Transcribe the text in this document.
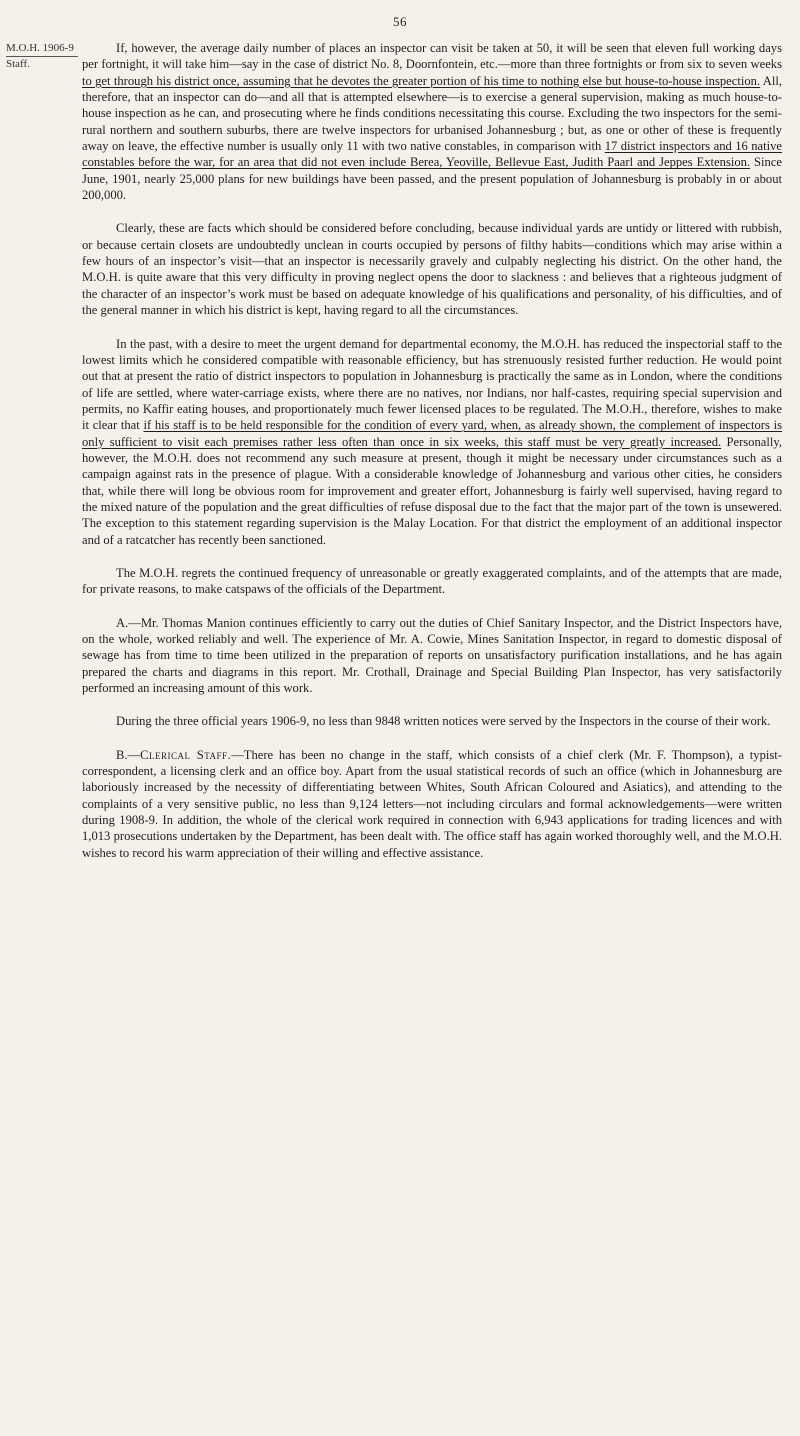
56
M.O.H. 1906-9
Staff.

If, however, the average daily number of places an inspector can visit be taken at 50, it will be seen that eleven full working days per fortnight, it will take him—say in the case of district No. 8, Doornfontein, etc.—more than three fortnights or from six to seven weeks to get through his district once, assuming that he devotes the greater portion of his time to nothing else but house-to-house inspection. All, therefore, that an inspector can do—and all that is attempted elsewhere—is to exercise a general supervision, making as much house-to-house inspection as he can, and prosecuting where he finds conditions necessitating this course. Excluding the two inspectors for the semi-rural northern and southern suburbs, there are twelve inspectors for urbanised Johannesburg ; but, as one or other of these is frequently away on leave, the effective number is usually only 11 with two native constables, in comparison with 17 district inspectors and 16 native constables before the war, for an area that did not even include Berea, Yeoville, Bellevue East, Judith Paarl and Jeppes Extension. Since June, 1901, nearly 25,000 plans for new buildings have been passed, and the present population of Johannesburg is probably in or about 200,000.

Clearly, these are facts which should be considered before concluding, because individual yards are untidy or littered with rubbish, or because certain closets are undoubtedly unclean in courts occupied by persons of filthy habits—conditions which may arise within a few hours of an inspector’s visit—that an inspector is necessarily gravely and culpably neglecting his district. On the other hand, the M.O.H. is quite aware that this very difficulty in proving neglect opens the door to slackness : and believes that a righteous judgment of the character of an inspector’s work must be based on adequate knowledge of his qualifications and personality, of his difficulties, and of the general manner in which his district is kept, having regard to all the circumstances.

In the past, with a desire to meet the urgent demand for departmental economy, the M.O.H. has reduced the inspectorial staff to the lowest limits which he considered compatible with reasonable efficiency, but has strenuously resisted further reduction. He would point out that at present the ratio of district inspectors to population in Johannesburg is practically the same as in London, where the conditions of life are settled, where water-carriage exists, where there are no natives, nor Indians, nor half-castes, requiring special supervision and permits, no Kaffir eating houses, and proportionately much fewer licensed places to be regulated. The M.O.H., therefore, wishes to make it clear that if his staff is to be held responsible for the condition of every yard, when, as already shown, the complement of inspectors is only sufficient to visit each premises rather less often than once in six weeks, this staff must be very greatly increased. Personally, however, the M.O.H. does not recommend any such measure at present, though it might be necessary under circumstances such as a campaign against rats in the presence of plague. With a considerable knowledge of Johannesburg and various other cities, he considers that, while there will long be obvious room for improvement and greater effort, Johannesburg is fairly well supervised, having regard to the mixed nature of the population and the great difficulties of refuse disposal due to the fact that the major part of the town is unsewered. The exception to this statement regarding supervision is the Malay Location. For that district the employment of an additional inspector and of a ratcatcher has recently been sanctioned.

The M.O.H. regrets the continued frequency of unreasonable or greatly exaggerated complaints, and of the attempts that are made, for private reasons, to make catspaws of the officials of the Department.

A.—Mr. Thomas Manion continues efficiently to carry out the duties of Chief Sanitary Inspector, and the District Inspectors have, on the whole, worked reliably and well. The experience of Mr. A. Cowie, Mines Sanitation Inspector, in regard to domestic disposal of sewage has from time to time been utilized in the preparation of reports on unsatisfactory purification installations, and he has again prepared the charts and diagrams in this report. Mr. Crothall, Drainage and Special Building Plan Inspector, has very satisfactorily performed an increasing amount of this work.

During the three official years 1906-9, no less than 9848 written notices were served by the Inspectors in the course of their work.

B.—Clerical Staff.—There has been no change in the staff, which consists of a chief clerk (Mr. F. Thompson), a typist-correspondent, a licensing clerk and an office boy. Apart from the usual statistical records of such an office (which in Johannesburg are laboriously increased by the necessity of differentiating between Whites, South African Coloured and Asiatics), and attending to the complaints of a very sensitive public, no less than 9,124 letters—not including circulars and formal acknowledgements—were written during 1908-9. In addition, the whole of the clerical work required in connection with 6,943 applications for trading licences and with 1,013 prosecutions undertaken by the Department, has been dealt with. The office staff has again worked thoroughly well, and the M.O.H. wishes to record his warm appreciation of their willing and effective assistance.
